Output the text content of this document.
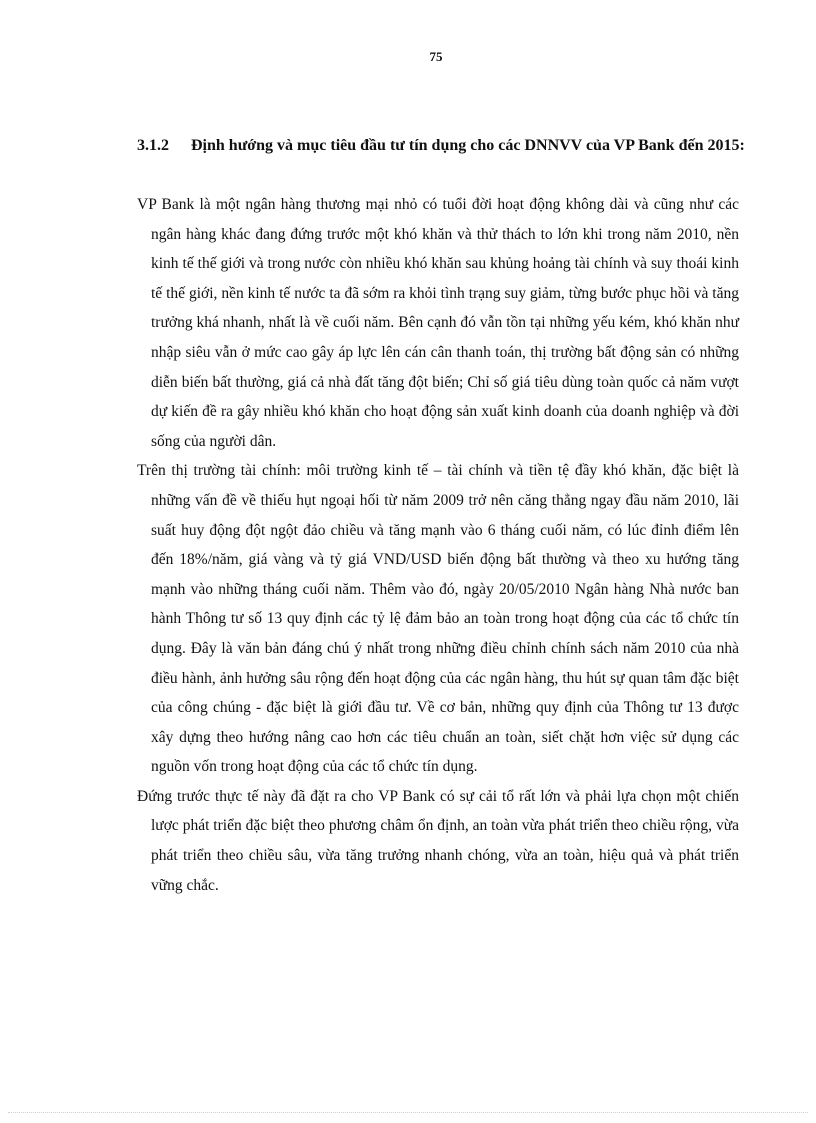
75
3.1.2 Định hướng và mục tiêu đầu tư tín dụng cho các DNNVV của VP Bank đến 2015:

VP Bank là một ngân hàng thương mại nhỏ có tuổi đời hoạt động không dài và cũng như các ngân hàng khác đang đứng trước một khó khăn và thử thách to lớn khi trong năm 2010, nền kinh tế thế giới và trong nước còn nhiều khó khăn sau khủng hoảng tài chính và suy thoái kinh tế thế giới, nền kinh tế nước ta đã sớm ra khỏi tình trạng suy giảm, từng bước phục hồi và tăng trưởng khá nhanh, nhất là về cuối năm. Bên cạnh đó vẫn tồn tại những yếu kém, khó khăn như nhập siêu vẫn ở mức cao gây áp lực lên cán cân thanh toán, thị trường bất động sản có những diễn biến bất thường, giá cả nhà đất tăng đột biến; Chỉ số giá tiêu dùng toàn quốc cả năm vượt dự kiến đề ra gây nhiều khó khăn cho hoạt động sản xuất kinh doanh của doanh nghiệp và đời sống của người dân.

Trên thị trường tài chính: môi trường kinh tế – tài chính và tiền tệ đầy khó khăn, đặc biệt là những vấn đề về thiếu hụt ngoại hối từ năm 2009 trở nên căng thẳng ngay đầu năm 2010, lãi suất huy động đột ngột đảo chiều và tăng mạnh vào 6 tháng cuối năm, có lúc đỉnh điểm lên đến 18%/năm, giá vàng và tỷ giá VND/USD biến động bất thường và theo xu hướng tăng mạnh vào những tháng cuối năm. Thêm vào đó, ngày 20/05/2010 Ngân hàng Nhà nước ban hành Thông tư số 13 quy định các tỷ lệ đảm bảo an toàn trong hoạt động của các tổ chức tín dụng. Đây là văn bản đáng chú ý nhất trong những điều chỉnh chính sách năm 2010 của nhà điều hành, ảnh hưởng sâu rộng đến hoạt động của các ngân hàng, thu hút sự quan tâm đặc biệt của công chúng - đặc biệt là giới đầu tư. Về cơ bản, những quy định của Thông tư 13 được xây dựng theo hướng nâng cao hơn các tiêu chuẩn an toàn, siết chặt hơn việc sử dụng các nguồn vốn trong hoạt động của các tổ chức tín dụng.

Đứng trước thực tế này đã đặt ra cho VP Bank có sự cải tổ rất lớn và phải lựa chọn một chiến lược phát triển đặc biệt theo phương châm ổn định, an toàn vừa phát triển theo chiều rộng, vừa phát triển theo chiều sâu, vừa tăng trưởng nhanh chóng, vừa an toàn, hiệu quả và phát triển vững chắc.
